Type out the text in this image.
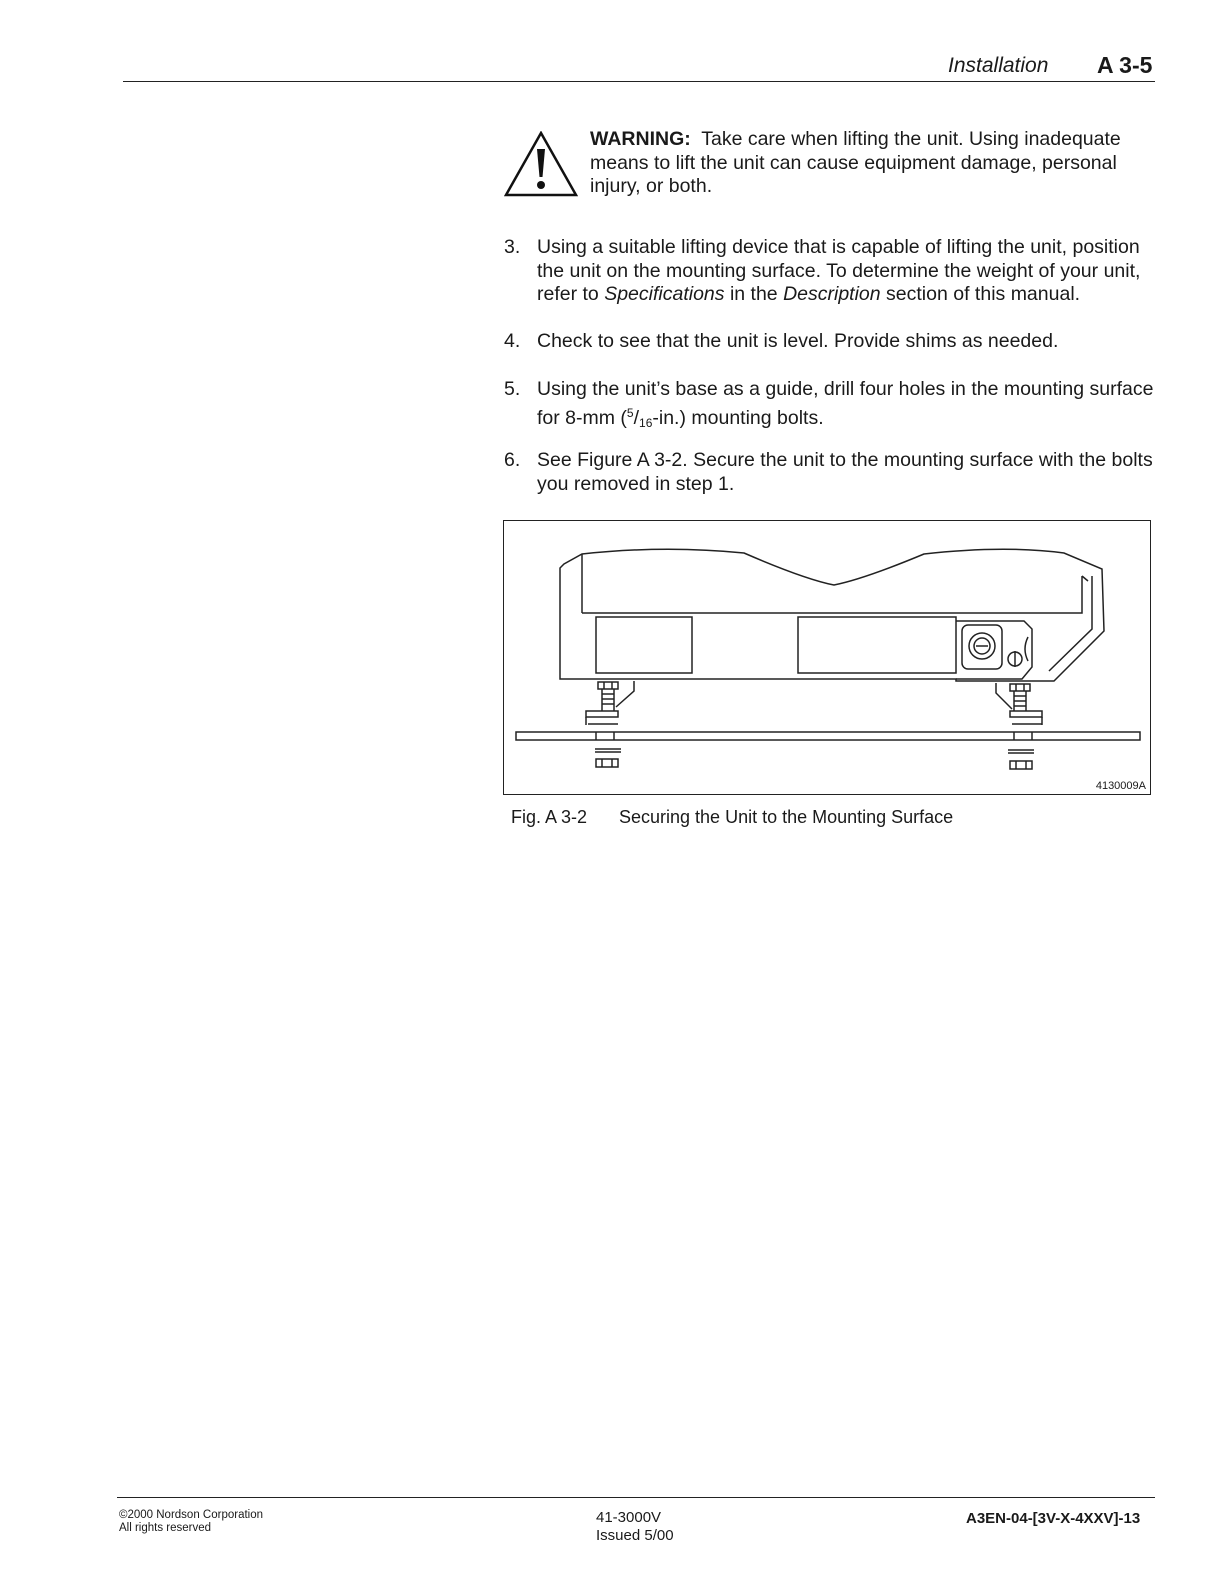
Installation A 3-5
WARNING: Take care when lifting the unit. Using inadequate means to lift the unit can cause equipment damage, personal injury, or both.
3. Using a suitable lifting device that is capable of lifting the unit, position the unit on the mounting surface. To determine the weight of your unit, refer to Specifications in the Description section of this manual.
4. Check to see that the unit is level. Provide shims as needed.
5. Using the unit’s base as a guide, drill four holes in the mounting surface for 8-mm ($^5$/16-in.) mounting bolts.
6. See Figure A 3-2. Secure the unit to the mounting surface with the bolts you removed in step 1.
4130009A
Fig. A 3-2 Securing the Unit to the Mounting Surface
©2000 Nordson Corporation
All rights reserved
41-3000V
Issued 5/00
A3EN-04-[3V-X-4XXV]-13
